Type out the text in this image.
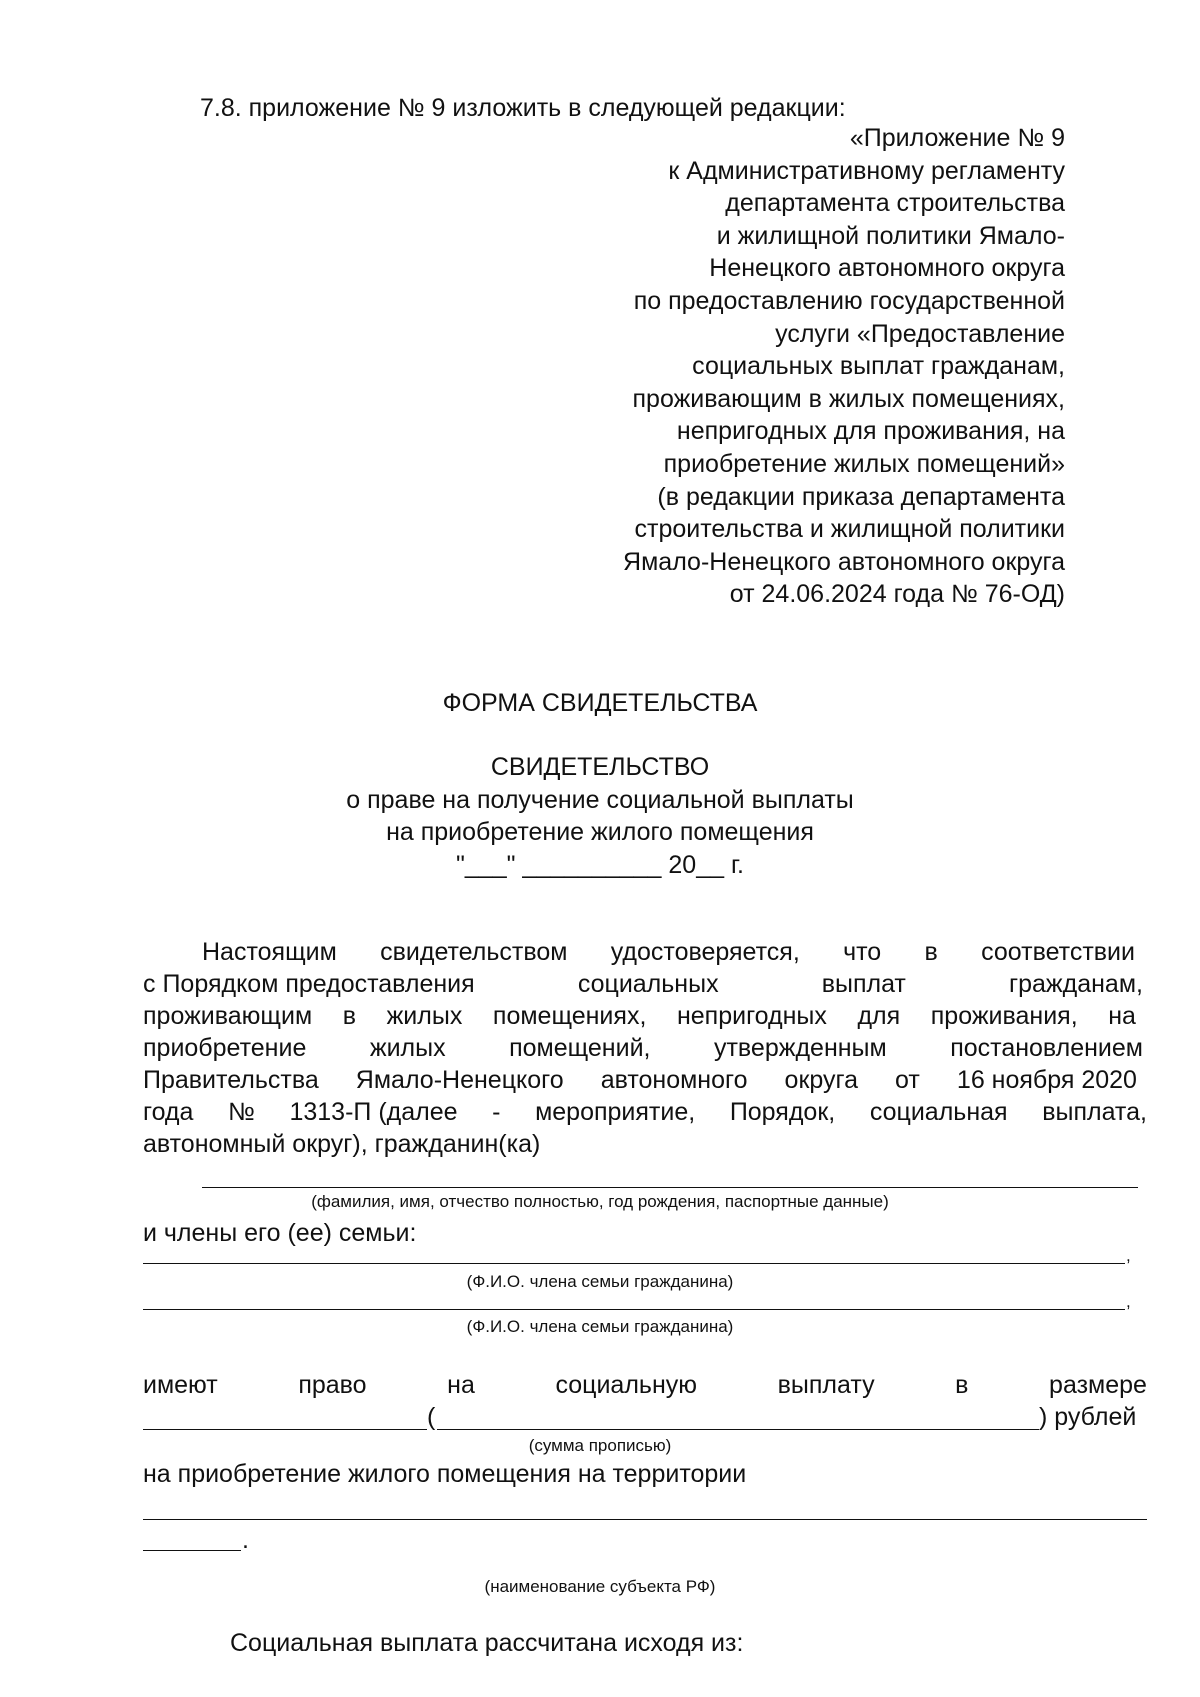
7.8. приложение № 9 изложить в следующей редакции:
«Приложение № 9
к Административному регламенту
департамента строительства
и жилищной политики Ямало-
Ненецкого автономного округа
по предоставлению государственной
услуги «Предоставление
социальных выплат гражданам,
проживающим в жилых помещениях,
непригодных для проживания, на
приобретение жилых помещений»
(в редакции приказа департамента
строительства и жилищной политики
Ямало-Ненецкого автономного округа
от 24.06.2024 года № 76-ОД)
ФОРМА СВИДЕТЕЛЬСТВА
СВИДЕТЕЛЬСТВО
о праве на получение социальной выплаты
на приобретение жилого помещения
"___" __________ 20__ г.
Настоящим свидетельством удостоверяется, что в соответствии
с Порядком предоставления	социальных	выплат	гражданам,
проживающим в жилых помещениях, непригодных для проживания, на
приобретение	жилых	помещений,	утвержденным	постановлением
Правительства Ямало-Ненецкого автономного округа от 16 ноября 2020
года № 1313-П (далее - мероприятие, Порядок, социальная выплата,
автономный округ), гражданин(ка)
(фамилия, имя, отчество полностью, год рождения, паспортные данные)
и члены его (ее) семьи:
,
(Ф.И.О. члена семьи гражданина)
,
(Ф.И.О. члена семьи гражданина)
имеют	право	на	социальную	выплату	в	размере
(	) рублей
(сумма прописью)
на приобретение жилого помещения на территории
.
(наименование субъекта РФ)
Социальная выплата рассчитана исходя из:
